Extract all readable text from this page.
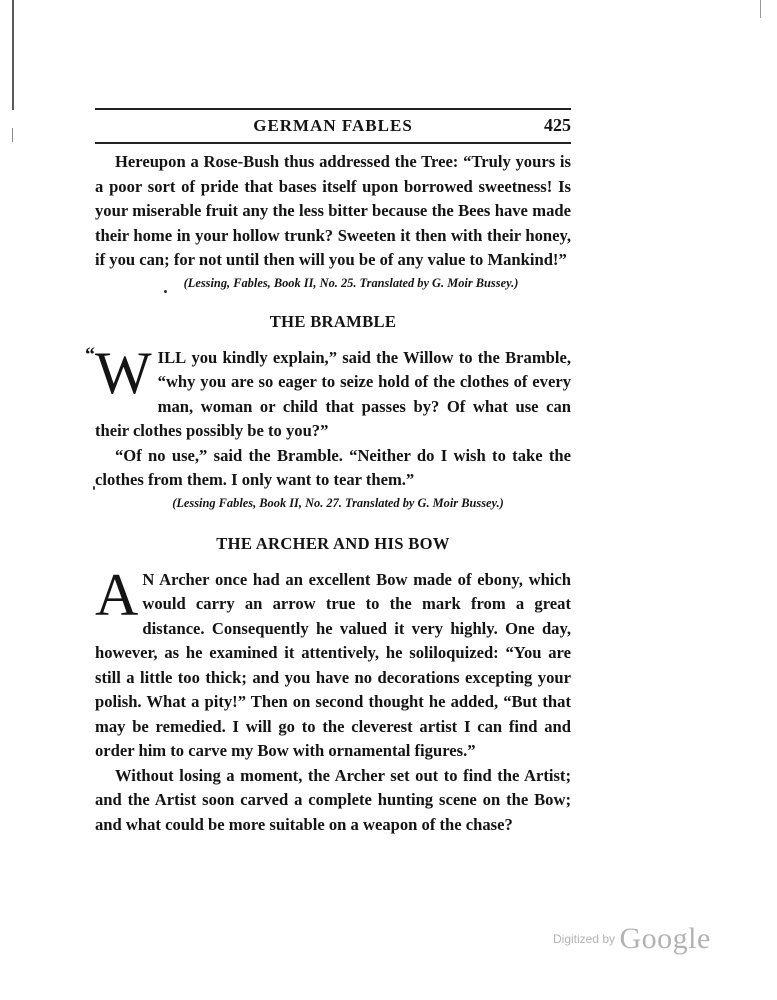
GERMAN FABLES	425

Hereupon a Rose-Bush thus addressed the Tree: “Truly yours is a poor sort of pride that bases itself upon borrowed sweetness! Is your miserable fruit any the less bitter because the Bees have made their home in your hollow trunk? Sweeten it then with their honey, if you can; for not until then will you be of any value to Mankind!”

(Lessing, Fables, Book II, No. 25. Translated by G. Moir Bussey.)

THE BRAMBLE
“ WILL you kindly explain,” said the Willow to the Bramble, “why you are so eager to seize hold of the clothes of every man, woman or child that passes by? Of what use can their clothes possibly be to you?”

“Of no use,” said the Bramble. “Neither do I wish to take the clothes from them. I only want to tear them.”

(Lessing Fables, Book II, No. 27. Translated by G. Moir Bussey.)

THE ARCHER AND HIS BOW

A N Archer once had an excellent Bow made of ebony, which would carry an arrow true to the mark from a great distance. Consequently he valued it very highly. One day, however, as he examined it attentively, he soliloquized: “You are still a little too thick; and you have no decorations excepting your polish. What a pity!” Then on second thought he added, “But that may be remedied. I will go to the cleverest artist I can find and order him to carve my Bow with ornamental figures.”

Without losing a moment, the Archer set out to find the Artist; and the Artist soon carved a complete hunting scene on the Bow; and what could be more suitable on a weapon of the chase?

$^{Digitized by}$ Google
